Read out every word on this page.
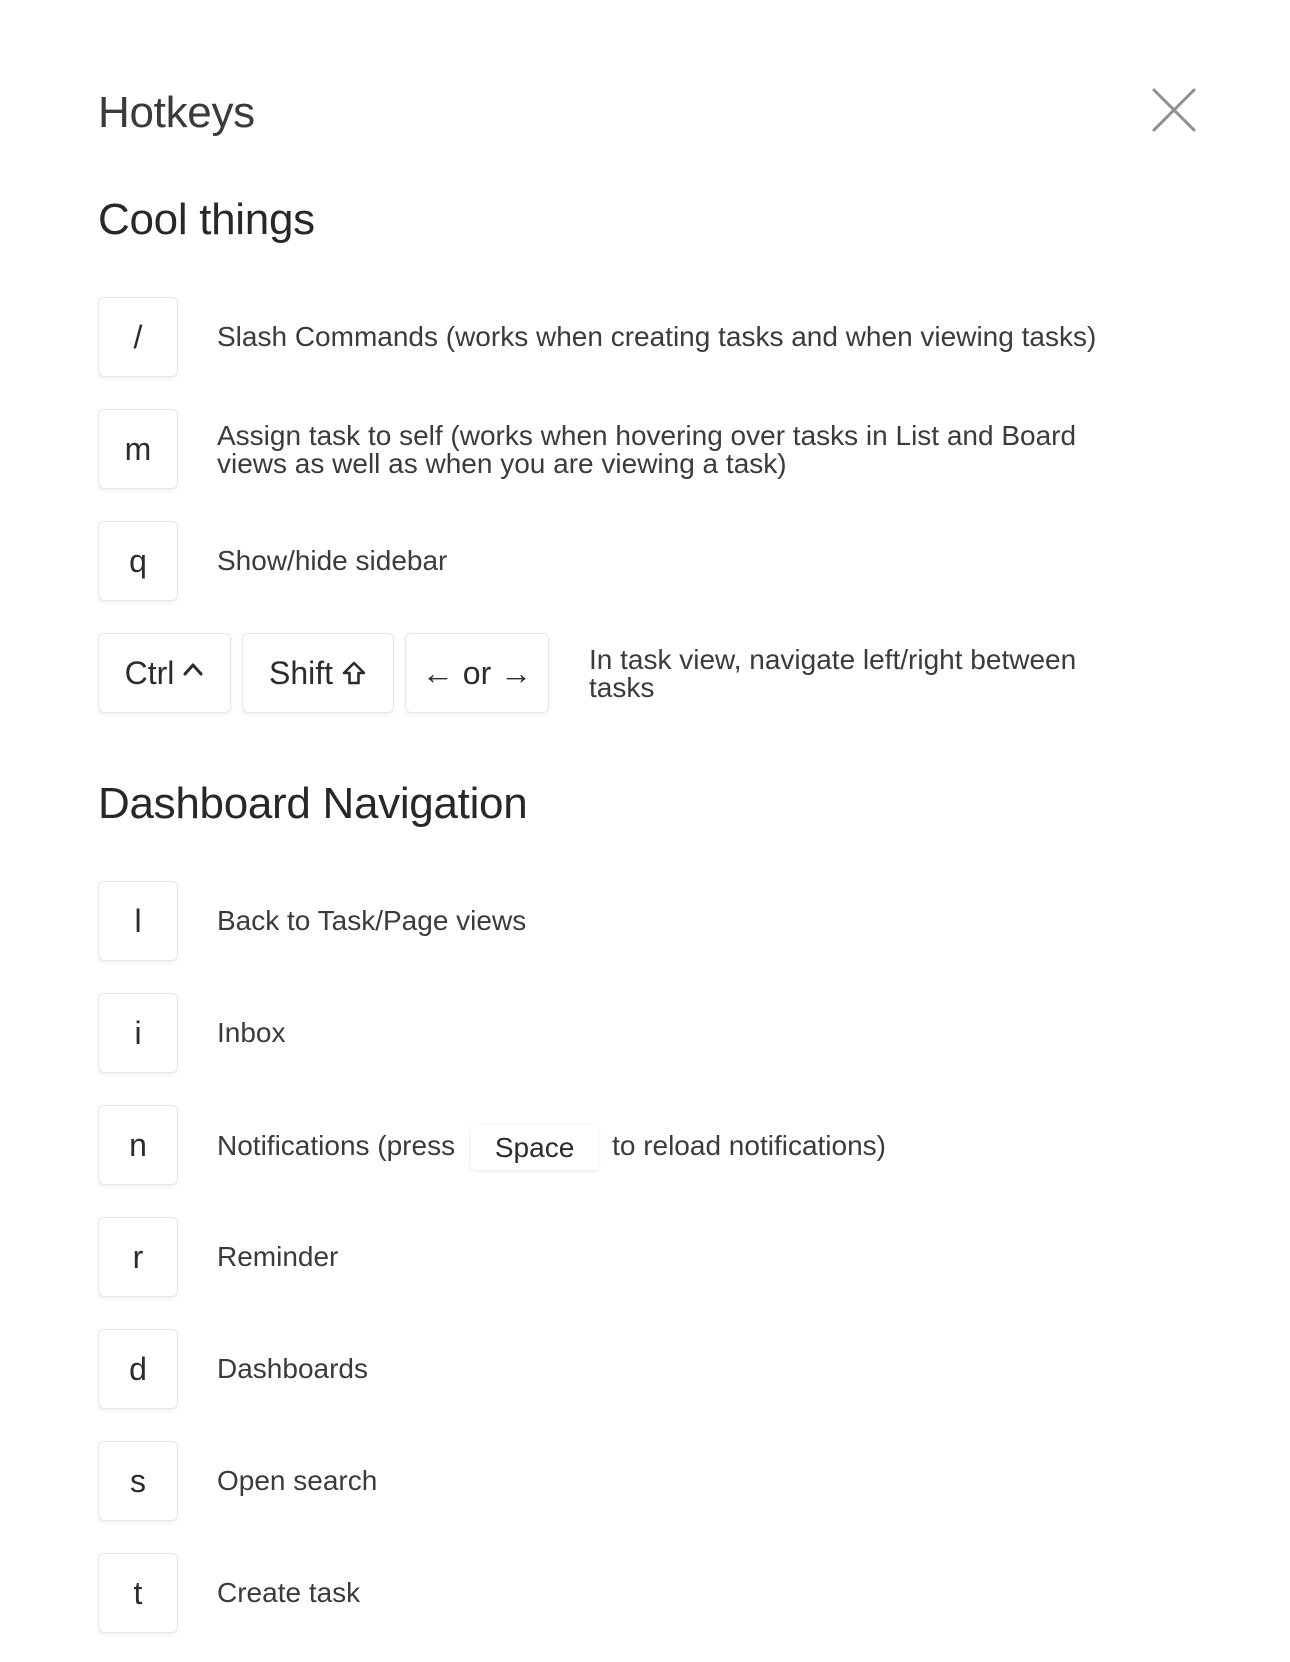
Hotkeys
Cool things
/	Slash Commands (works when creating tasks and when viewing tasks)
m	Assign task to self (works when hovering over tasks in List and Board
views as well as when you are viewing a task)
q	Show/hide sidebar
Ctrl	Shift	← or →	In task view, navigate left/right between
tasks
Dashboard Navigation
l	Back to Task/Page views
i	Inbox
n	Notifications (press Space to reload notifications)
r	Reminder
d	Dashboards
s	Open search
t	Create task
